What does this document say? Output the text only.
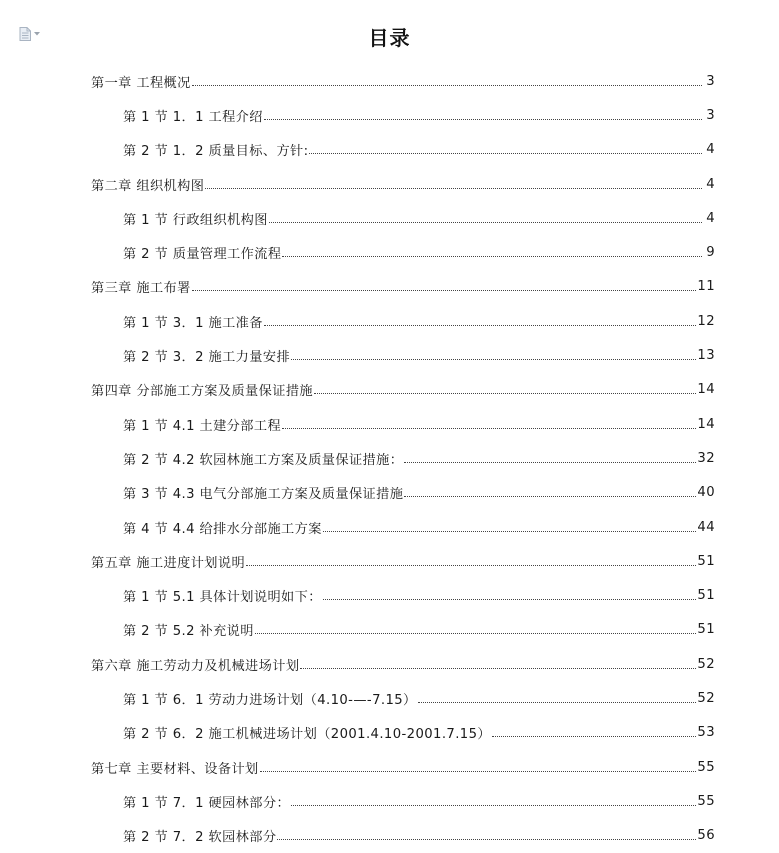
目录
第一章 工程概况	3
第 1 节 1．1 工程介绍	3
第 2 节 1．2 质量目标、方针:	4
第二章 组织机构图	4
第 1 节 行政组织机构图	4
第 2 节 质量管理工作流程	9
第三章 施工布署	11
第 1 节 3．1 施工准备	12
第 2 节 3．2 施工力量安排	13
第四章 分部施工方案及质量保证措施	14
第 1 节 4.1 土建分部工程	14
第 2 节 4.2 软园林施工方案及质量保证措施：	32
第 3 节 4.3 电气分部施工方案及质量保证措施	40
第 4 节 4.4 给排水分部施工方案	44
第五章 施工进度计划说明	51
第 1 节 5.1 具体计划说明如下：	51
第 2 节 5.2 补充说明	51
第六章 施工劳动力及机械进场计划	52
第 1 节 6．1 劳动力进场计划（4.10-—-7.15）	52
第 2 节 6．2 施工机械进场计划（2001.4.10-2001.7.15）	53
第七章 主要材料、设备计划	55
第 1 节 7．1 硬园林部分：	55
第 2 节 7．2 软园林部分	56
